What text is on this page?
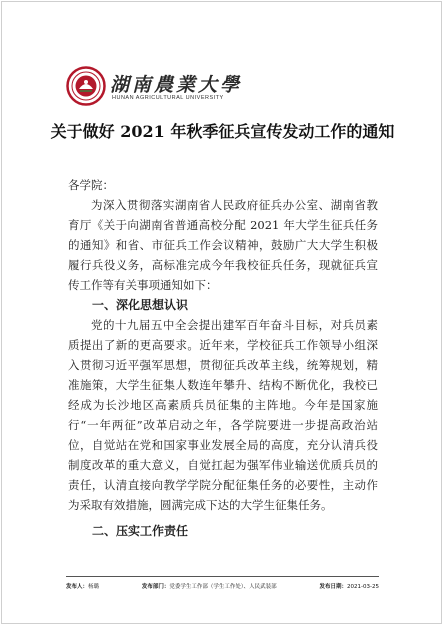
湖南農業大學
HUNAN AGRICULTURAL UNIVERSITY
关于做好 2021 年秋季征兵宣传发动工作的通知

各学院：

为深入贯彻落实湖南省人民政府征兵办公室、湖南省教育厅《关于向湖南省普通高校分配 2021 年大学生征兵任务的通知》和省、市征兵工作会议精神，鼓励广大大学生积极履行兵役义务，高标准完成今年我校征兵任务，现就征兵宣传工作等有关事项通知如下：

一、深化思想认识

党的十九届五中全会提出建军百年奋斗目标，对兵员素质提出了新的更高要求。近年来，学校征兵工作领导小组深入贯彻习近平强军思想，贯彻征兵改革主线，统筹规划，精准施策，大学生征集人数连年攀升、结构不断优化，我校已经成为长沙地区高素质兵员征集的主阵地。今年是国家施行“一年两征”改革启动之年，各学院要进一步提高政治站位，自觉站在党和国家事业发展全局的高度，充分认清兵役制度改革的重大意义，自觉扛起为强军伟业输送优质兵员的责任，认清直接向教学学院分配征集任务的必要性，主动作为采取有效措施，圆满完成下达的大学生征集任务。

二、压实工作责任

发布人：杨璐	发布部门：党委学生工作部（学生工作处）、人民武装部	发布日期：2021-03-25
